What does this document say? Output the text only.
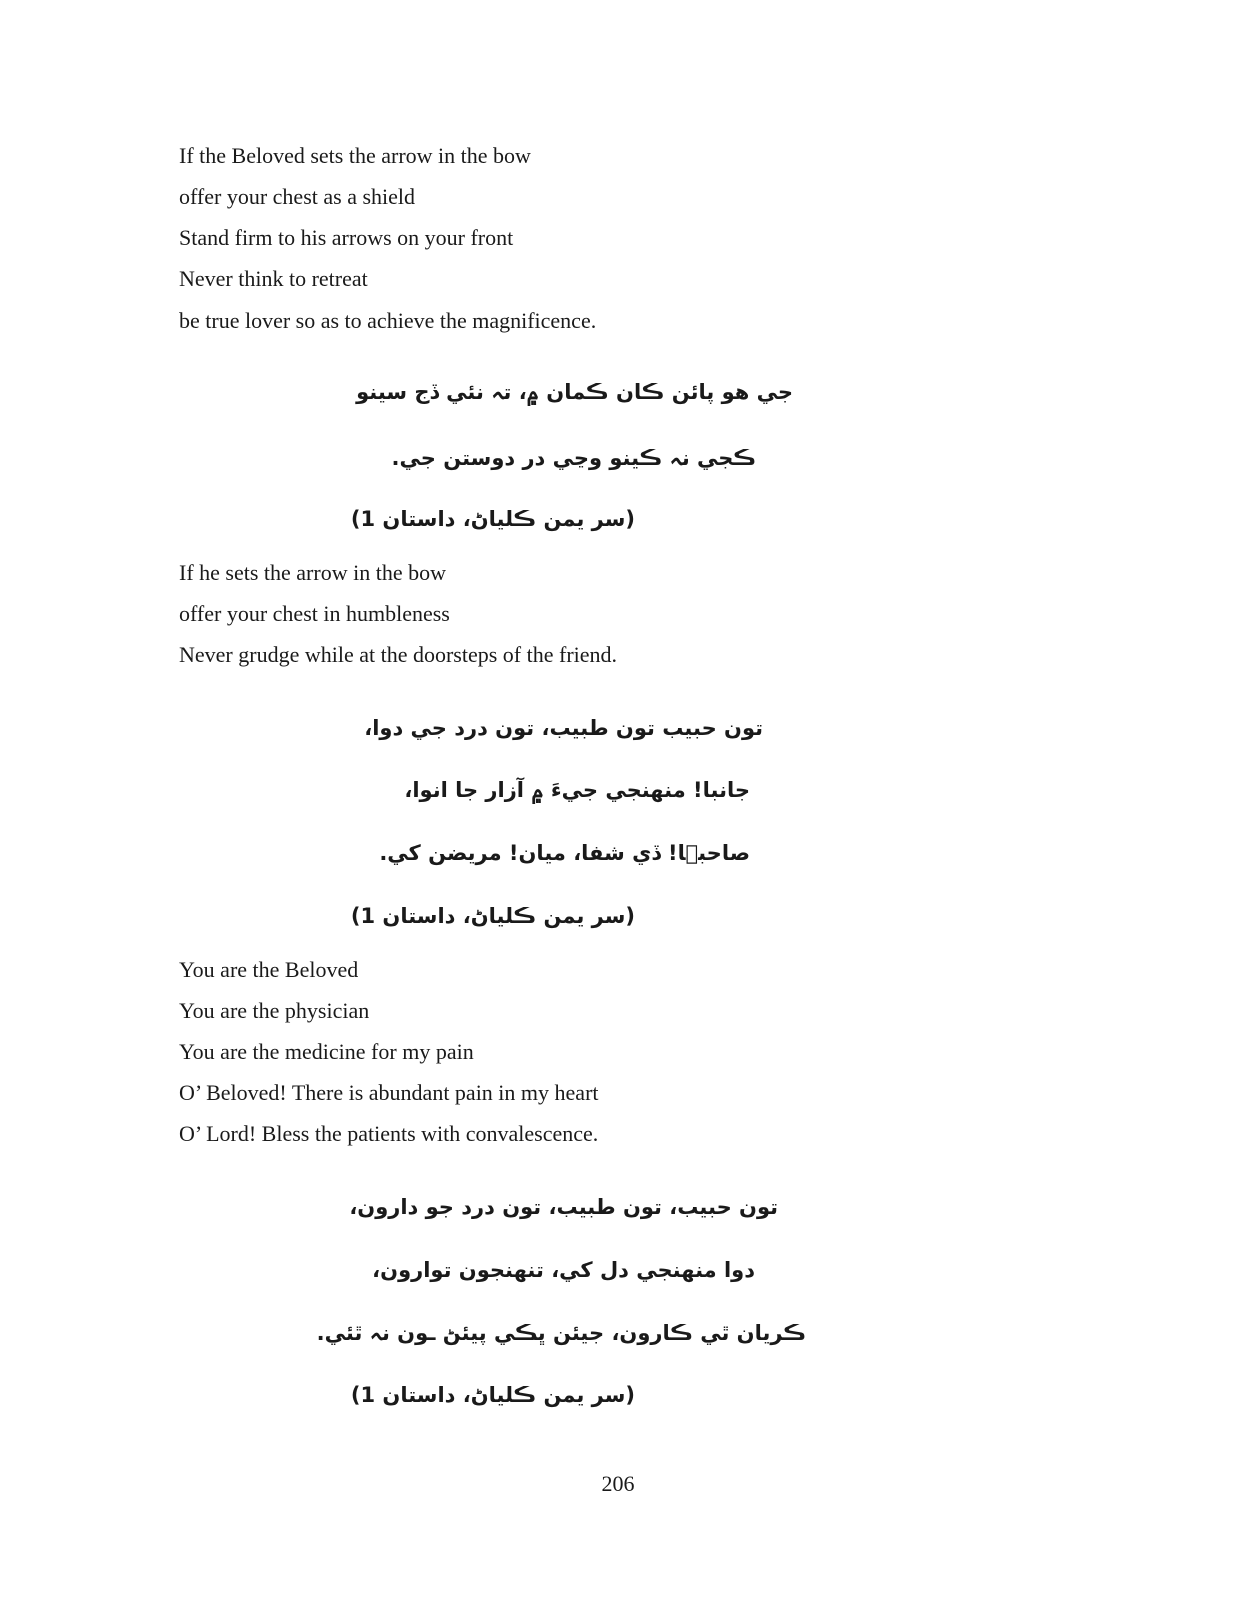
If the Beloved sets the arrow in the bow
offer your chest as a shield
Stand firm to his arrows on your front
Never think to retreat
be true lover so as to achieve the magnificence.
جي هو پائن ڪان ڪمان ۾، تہ نئي ڏج سينو
ڪجي نہ ڪينو وڃي در دوستن جي.
(سر يمن ڪلياڻ، داستان 1)
If he sets the arrow in the bow
offer your chest in humbleness
Never grudge while at the doorsteps of the friend.
تون حبيب تون طبيب، تون درد جي دوا،
جانبا! منهنجي جيءَ ۾ آزار جا انوا،
صاحبؔا! ڏي شفا، ميان! مريضن کي.
(سر يمن ڪلياڻ، داستان 1)
You are the Beloved
You are the physician
You are the medicine for my pain
O’ Beloved! There is abundant pain in my heart
O’ Lord! Bless the patients with convalescence.
تون حبيب، تون طبيب، تون درد جو دارون،
دوا منهنجي دل کي، تنهنجون توارون،
ڪريان ٿي ڪارون، جيئن ڀڪي پيئڻ ـون نہ ٿئي.
(سر يمن ڪلياڻ، داستان 1)
206
